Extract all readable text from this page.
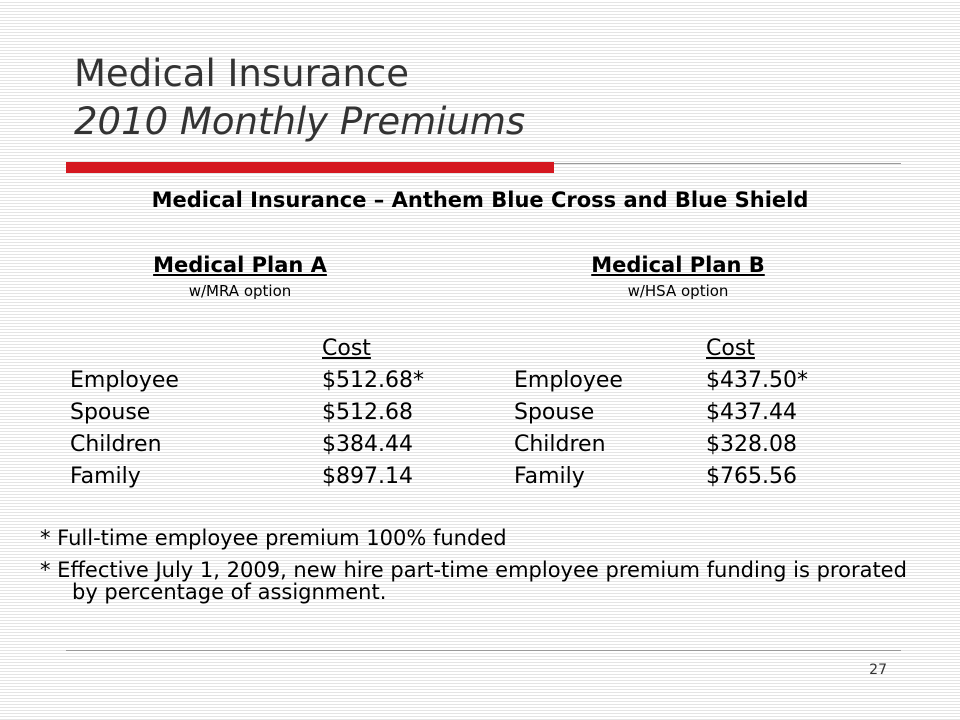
Medical Insurance
2010 Monthly Premiums
Medical Insurance – Anthem Blue Cross and Blue Shield
Medical Plan A
w/MRA option
Medical Plan B
w/HSA option
Employee
Spouse
Children
Family
Cost
$512.68*
$512.68
$384.44
$897.14
Employee
Spouse
Children
Family
Cost
$437.50*
$437.44
$328.08
$765.56

* Full-time employee premium 100% funded

* Effective July 1, 2009, new hire part-time employee premium funding is prorated by percentage of assignment.

27
